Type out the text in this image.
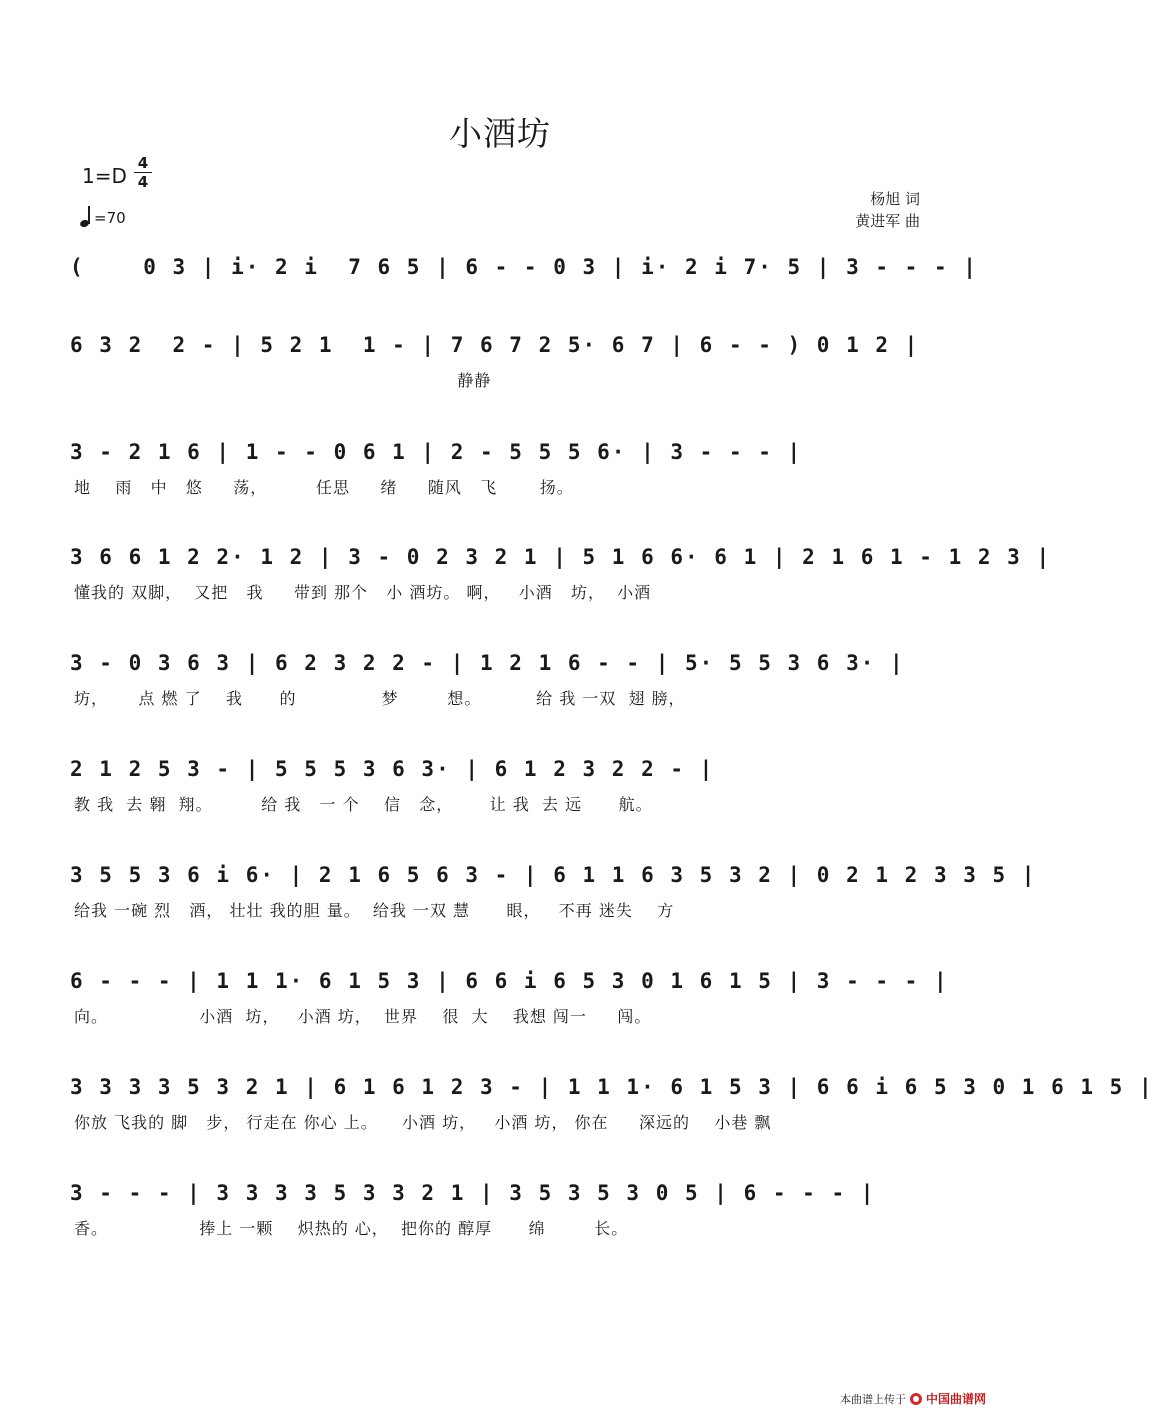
小酒坊
1=D
4
4
=70
杨旭 词
黄进军 曲
(    0 3 | i· 2 i  7 6 5 | 6 - - 0 3 | i· 2 i 7· 5 | 3 - - - |
6 3 2  2 - | 5 2 1  1 - | 7 6 7 2 5· 6 7 | 6 - - ) 0 1 2 |
静静
3 - 2 1 6 | 1 - - 0 6 1 | 2 - 5 5 5 6· | 3 - - - |
地    雨   中   悠     荡，        任思     绪     随风   飞       扬。
3 6 6 1 2 2· 1 2 | 3 - 0 2 3 2 1 | 5 1 6 6· 6 1 | 2 1 6 1 - 1 2 3 |
懂我的 双脚，  又把   我     带到 那个   小 酒坊。 啊，   小酒   坊，  小酒
3 - 0 3 6 3 | 6 2 3 2 2 - | 1 2 1 6 - - | 5· 5 5 3 6 3· |
坊，     点 燃 了    我      的              梦        想。         给 我 一双  翅 膀，
2 1 2 5 3 - | 5 5 5 3 6 3· | 6 1 2 3 2 2 - |
教 我  去 翱  翔。        给 我   一 个    信   念，      让 我  去 远      航。
3 5 5 3 6 i 6· | 2 1 6 5 6 3 - | 6 1 1 6 3 5 3 2 | 0 2 1 2 3 3 5 |
给我 一碗 烈   酒， 壮壮 我的胆 量。  给我 一双 慧      眼，   不再 迷失    方
6 - - - | 1 1 1· 6 1 5 3 | 6 6 i 6 5 3 0 1 6 1 5 | 3 - - - |
向。               小酒  坊，   小酒 坊，  世界    很  大    我想 闯一     闯。
3 3 3 3 5 3 2 1 | 6 1 6 1 2 3 - | 1 1 1· 6 1 5 3 | 6 6 i 6 5 3 0 1 6 1 5 |
你放 飞我的 脚   步， 行走在 你心 上。    小酒 坊，   小酒 坊， 你在     深远的    小巷 飘
3 - - - | 3 3 3 3 5 3 3 2 1 | 3 5 3 5 3 0 5 | 6 - - - |
香。               捧上 一颗    炽热的 心，  把你的 醇厚      绵        长。
本曲谱上传于 中国曲谱网
